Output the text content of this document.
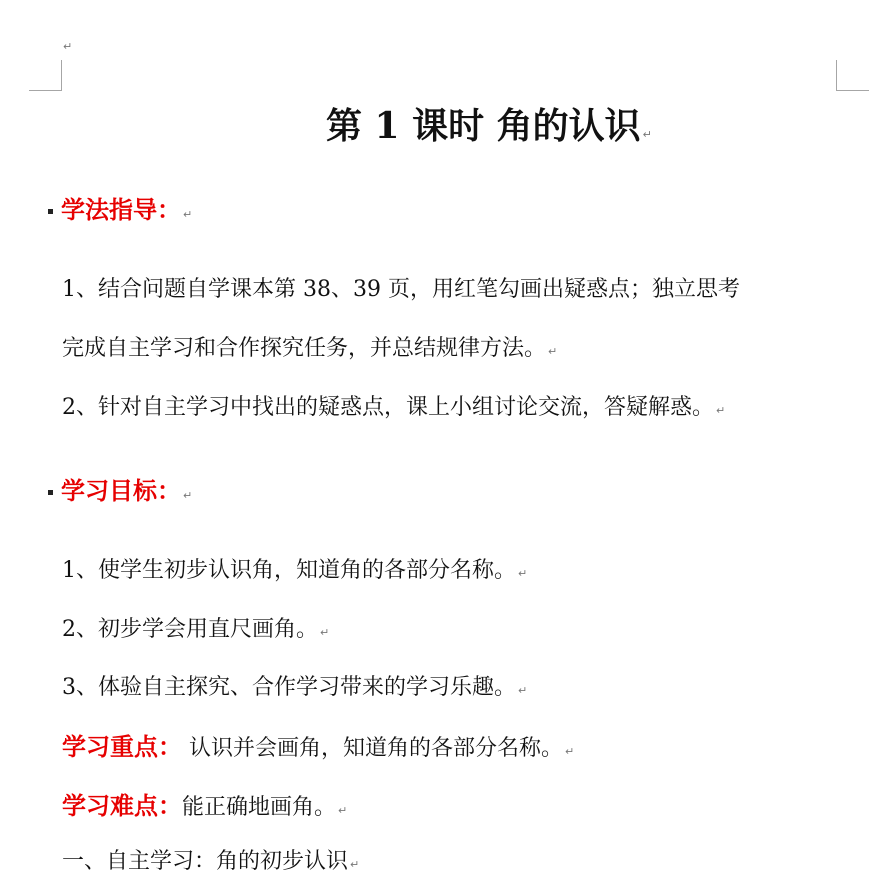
↵
第 1 课时 角的认识 ↵
学法指导： ↵
1、结合问题自学课本第 38、39 页，用红笔勾画出疑惑点；独立思考
完成自主学习和合作探究任务，并总结规律方法。 ↵
2、针对自主学习中找出的疑惑点，课上小组讨论交流，答疑解惑。 ↵
学习目标： ↵
1、使学生初步认识角，知道角的各部分名称。 ↵
2、初步学会用直尺画角。 ↵
3、体验自主探究、合作学习带来的学习乐趣。 ↵
学习重点： 认识并会画角，知道角的各部分名称。 ↵
学习难点：能正确地画角。 ↵
一、自主学习：角的初步认识 ↵
